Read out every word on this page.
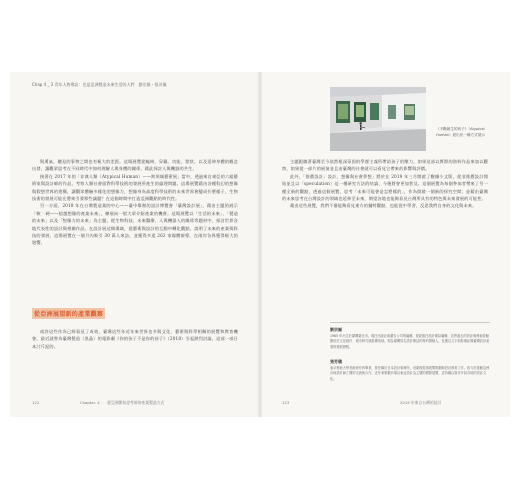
Chap 4 _ 3 青年人物專訪：也是亞洲製造未來生活的人們　劉宗嶽・張芳儀

與勇氣，聽見的事物之間也有極大的差距。這場展覽從輪椅、穿戴、功能、鉗狀、以及延伸身體的概念出發，讓觀眾思考在不同時代中如何理解人與身體的關係，藉此探討人與機器的共生。

接著在 2017 年的「非典人類（Atypical Human）——跨領域藝術展」當中，透過來自東亞的六組藝術家與設計師的作品，考察人類社會面對科學技術的發展所產生的倫理問題。這場展覽藉由各種科幻的想像與假想世界的建構，讓觀眾體驗多樣化的想像力，想像身為高度科學技術的未來世界會變成什麼樣子，生物技術的發展可能在將來引發那些議題？在這個時間中打造亞洲觀點的時代性。

另一方面，2018 年在台灣製造業的中心——臺中舉辦的設計博覽會「臺灣設計展」，藉由主題的展示「軟 · 硬——超越想像的產業未來」，擴展向一般大眾介紹產業的機會。這場展覽以「生活的未來」、「製造的未來」以及「想像力的未來」為主題，從生物科技、未來醫療、人與機器人的關係等題材中，探討世界各地代表性的設計與相關作品。在設計展這類場域，從藝術與設計的互動中轉化觀點，說明了未來的產業與科技的發展，這場展覽在一個月內吸引 30 萬人來訪，並獲得多達 262 家媒體報導，在兩岸各界獲得極大的迴響。

從亞洲展望新的產業觀察

或許這些作為已經看見了成效，臺灣這些年近年來世界也多與文化、藝術與科學相關的展覽和教育機會，最近就曾為臺灣製造（黑晶）的電影劇《你的孩子不是你的孩子》（2018）引起熱烈討論，這部一部日本汀斤泥的。

122	Chapter. 4　　從亞洲開始思考新的產業製造方式
《不斷創生的孩子》（Atypical Human）展出於一種方式展示

主題跟隨著臺灣至今依然根深蒂固的學歷主義所帶給孩子的壓力，如果這部以實際的資料作品來加以觀察，如果從一部片的展演並且由臺灣的社會就可以看見它帶來的影響與評價。

此外，「推薦設計」設計，想像與社會夢想」將於在 2019 年三月開啟了數據小文版，從非推薦設計開始並且以「speculation」這一種研究方法的結論，今後將會更加普及。這個展覽為每個參加者帶來了另一種全新的觀點，透過這個展覽，思考「未來可能會是怎麼樣的」，作為開啟一個新的探究空間；並藉由臺灣的未來思考在台灣設計的領域也延伸至未來，期望各地也能夠看見台灣所具有的特色與未來發展的可能性。

藉由這些展覽，我們不僅能夠看見東方的獨特觀點，也能從中學習，反思我們自身的文化與未來。

劉宗嶽
1985 年出生於臺灣臺北市。現任出版社與廣告公司的編輯，曾經擔任設計雜誌編輯，並將過去的設計與藝術經驗應用於文化創作、城市研究與推廣領域。現為臺灣知名設計雜誌的特約撰稿人，長期以文字和影像紀錄臺灣設計產業的發展歷程。
張芳儀
東京藝術大學美術研究科畢業，曾任職於日本設計事務所，回臺後從事展覽策劃與設計教育工作。致力於推動亞洲各地設計師之間的交流與合作，近年來策劃多場以東亞設計為主題的國際展覽，並持續以寫作介紹各地的設計文化。
123	2019 年來自台灣的設計
